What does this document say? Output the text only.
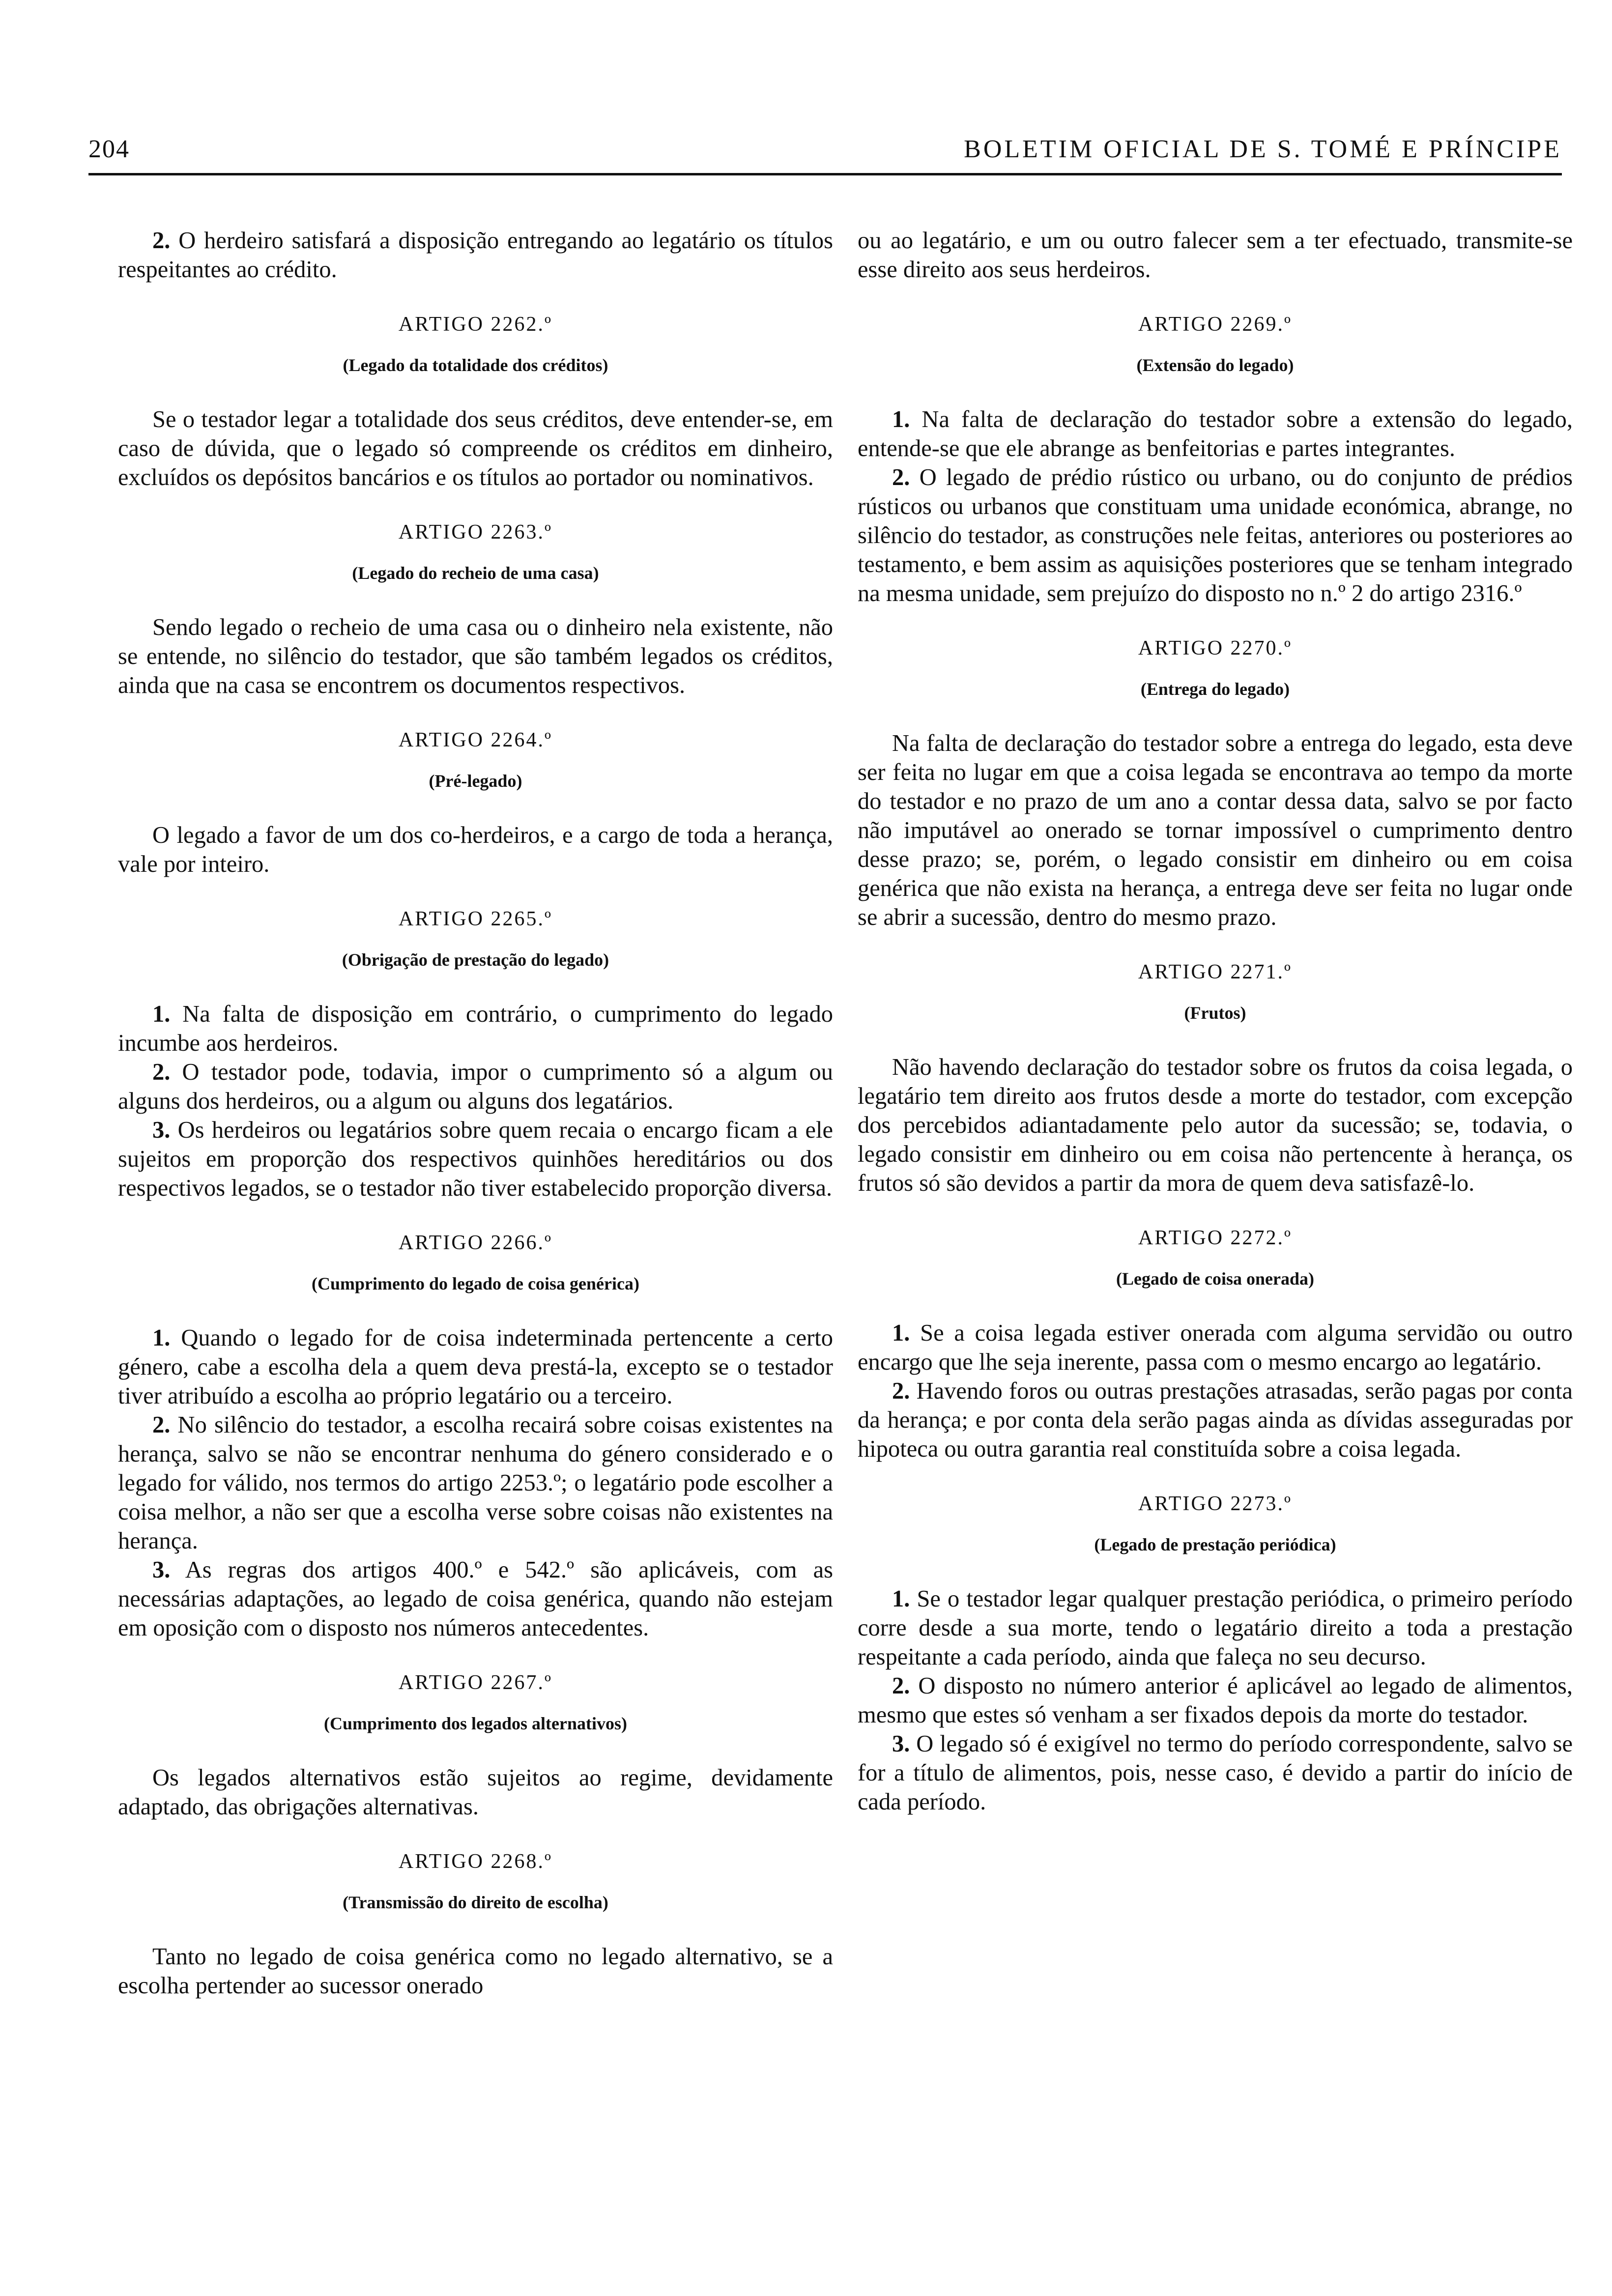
204	BOLETIM OFICIAL DE S. TOMÉ E PRÍNCIPE

2. O herdeiro satisfará a disposição entregando ao legatário os títulos respeitantes ao crédito.

ARTIGO 2262.º
(Legado da totalidade dos créditos)

Se o testador legar a totalidade dos seus créditos, deve entender-se, em caso de dúvida, que o legado só compreende os créditos em dinheiro, excluídos os depósitos bancários e os títulos ao portador ou nominativos.

ARTIGO 2263.º
(Legado do recheio de uma casa)

Sendo legado o recheio de uma casa ou o dinheiro nela existente, não se entende, no silêncio do testador, que são também legados os créditos, ainda que na casa se encontrem os documentos respectivos.

ARTIGO 2264.º
(Pré-legado)

O legado a favor de um dos co-herdeiros, e a cargo de toda a herança, vale por inteiro.

ARTIGO 2265.º
(Obrigação de prestação do legado)

1. Na falta de disposição em contrário, o cumprimento do legado incumbe aos herdeiros.

2. O testador pode, todavia, impor o cumprimento só a algum ou alguns dos herdeiros, ou a algum ou alguns dos legatários.

3. Os herdeiros ou legatários sobre quem recaia o encargo ficam a ele sujeitos em proporção dos respectivos quinhões hereditários ou dos respectivos legados, se o testador não tiver estabelecido proporção diversa.

ARTIGO 2266.º
(Cumprimento do legado de coisa genérica)

1. Quando o legado for de coisa indeterminada pertencente a certo género, cabe a escolha dela a quem deva prestá-la, excepto se o testador tiver atribuído a escolha ao próprio legatário ou a terceiro.

2. No silêncio do testador, a escolha recairá sobre coisas existentes na herança, salvo se não se encontrar nenhuma do género considerado e o legado for válido, nos termos do artigo 2253.º; o legatário pode escolher a coisa melhor, a não ser que a escolha verse sobre coisas não existentes na herança.

3. As regras dos artigos 400.º e 542.º são aplicáveis, com as necessárias adaptações, ao legado de coisa genérica, quando não estejam em oposição com o disposto nos números antecedentes.

ARTIGO 2267.º
(Cumprimento dos legados alternativos)

Os legados alternativos estão sujeitos ao regime, devidamente adaptado, das obrigações alternativas.

ARTIGO 2268.º
(Transmissão do direito de escolha)

Tanto no legado de coisa genérica como no legado alternativo, se a escolha pertender ao sucessor onerado

ou ao legatário, e um ou outro falecer sem a ter efectuado, transmite-se esse direito aos seus herdeiros.

ARTIGO 2269.º
(Extensão do legado)

1. Na falta de declaração do testador sobre a extensão do legado, entende-se que ele abrange as benfeitorias e partes integrantes.

2. O legado de prédio rústico ou urbano, ou do conjunto de prédios rústicos ou urbanos que constituam uma unidade económica, abrange, no silêncio do testador, as construções nele feitas, anteriores ou posteriores ao testamento, e bem assim as aquisições posteriores que se tenham integrado na mesma unidade, sem prejuízo do disposto no n.º 2 do artigo 2316.º

ARTIGO 2270.º
(Entrega do legado)

Na falta de declaração do testador sobre a entrega do legado, esta deve ser feita no lugar em que a coisa legada se encontrava ao tempo da morte do testador e no prazo de um ano a contar dessa data, salvo se por facto não imputável ao onerado se tornar impossível o cumprimento dentro desse prazo; se, porém, o legado consistir em dinheiro ou em coisa genérica que não exista na herança, a entrega deve ser feita no lugar onde se abrir a sucessão, dentro do mesmo prazo.

ARTIGO 2271.º
(Frutos)

Não havendo declaração do testador sobre os frutos da coisa legada, o legatário tem direito aos frutos desde a morte do testador, com excepção dos percebidos adiantadamente pelo autor da sucessão; se, todavia, o legado consistir em dinheiro ou em coisa não pertencente à herança, os frutos só são devidos a partir da mora de quem deva satisfazê-lo.

ARTIGO 2272.º
(Legado de coisa onerada)

1. Se a coisa legada estiver onerada com alguma servidão ou outro encargo que lhe seja inerente, passa com o mesmo encargo ao legatário.

2. Havendo foros ou outras prestações atrasadas, serão pagas por conta da herança; e por conta dela serão pagas ainda as dívidas asseguradas por hipoteca ou outra garantia real constituída sobre a coisa legada.

ARTIGO 2273.º
(Legado de prestação periódica)

1. Se o testador legar qualquer prestação periódica, o primeiro período corre desde a sua morte, tendo o legatário direito a toda a prestação respeitante a cada período, ainda que faleça no seu decurso.

2. O disposto no número anterior é aplicável ao legado de alimentos, mesmo que estes só venham a ser fixados depois da morte do testador.

3. O legado só é exigível no termo do período correspondente, salvo se for a título de alimentos, pois, nesse caso, é devido a partir do início de cada período.
